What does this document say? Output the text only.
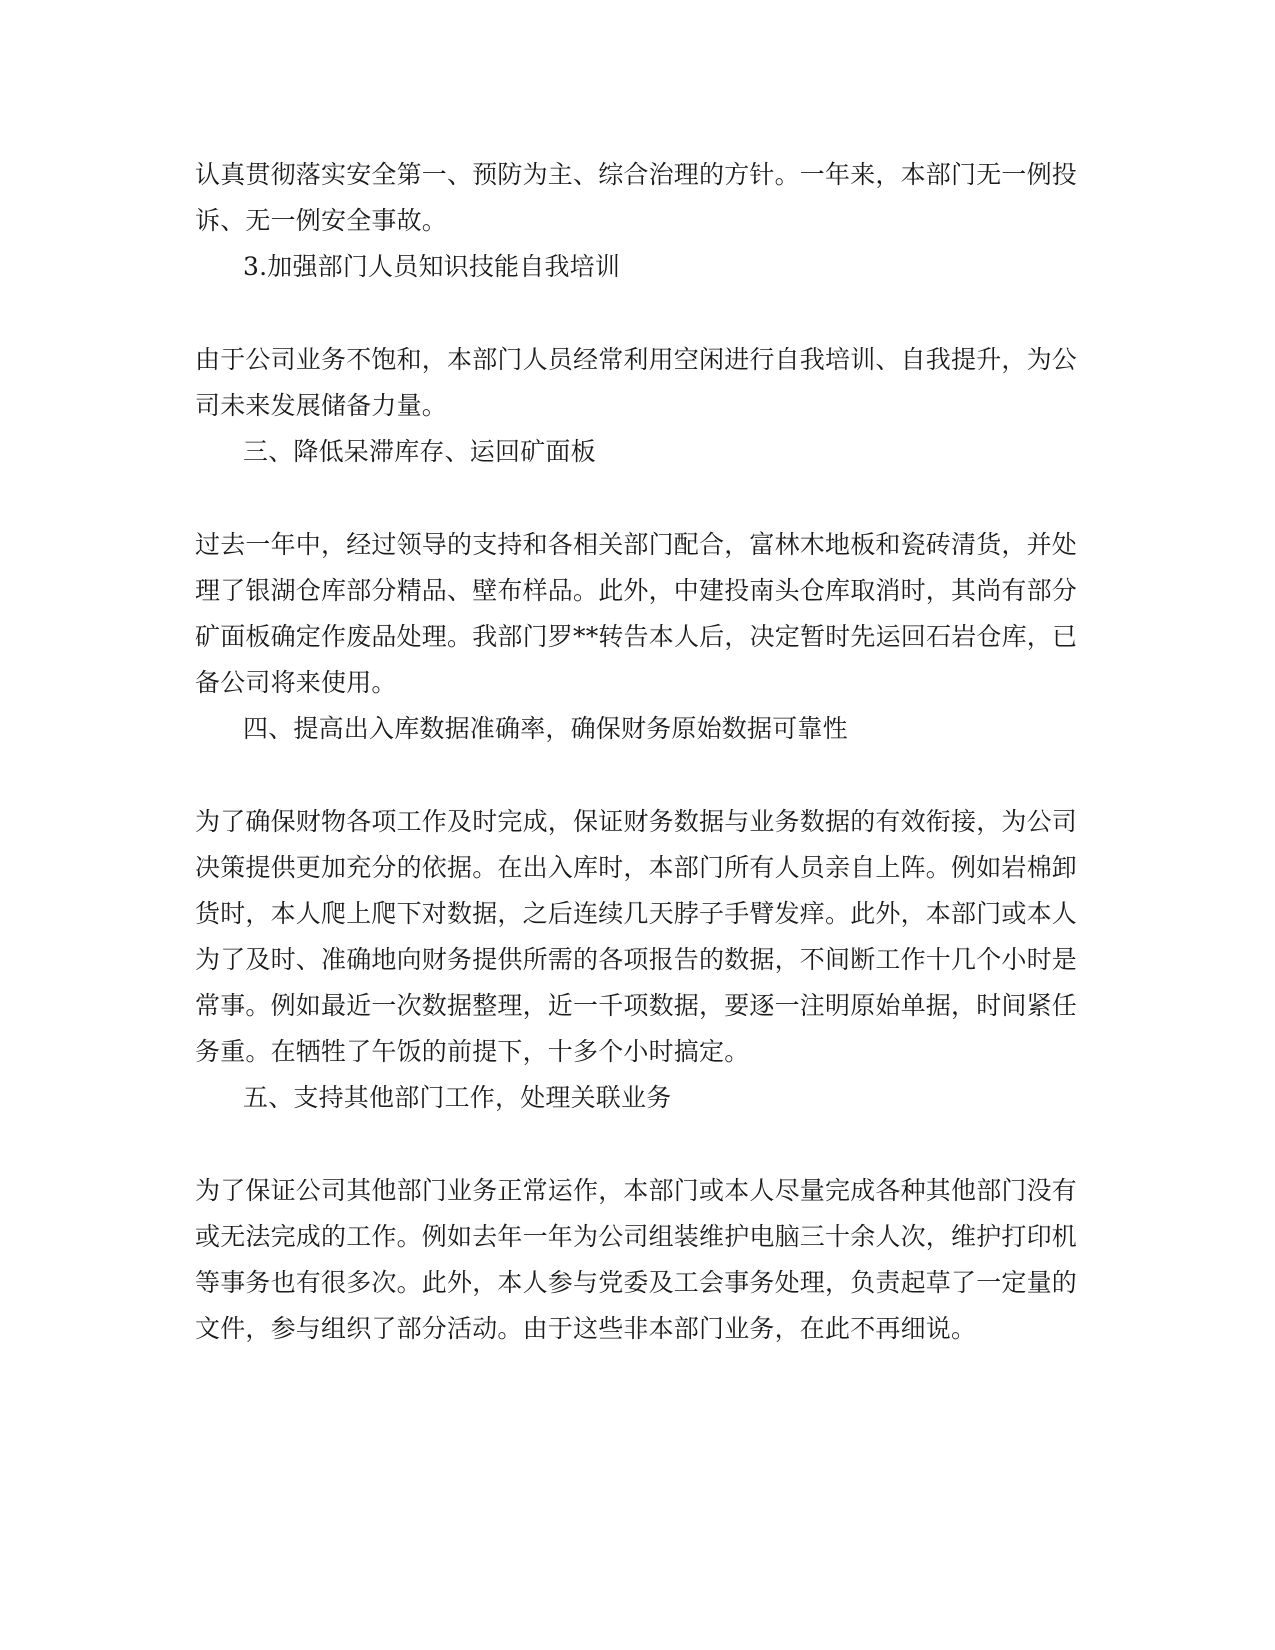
认真贯彻落实安全第一、预防为主、综合治理的方针。一年来，本部门无一例投
诉、无一例安全事故。
3.加强部门人员知识技能自我培训
由于公司业务不饱和，本部门人员经常利用空闲进行自我培训、自我提升，为公
司未来发展储备力量。
三、降低呆滞库存、运回矿面板
过去一年中，经过领导的支持和各相关部门配合，富林木地板和瓷砖清货，并处
理了银湖仓库部分精品、壁布样品。此外，中建投南头仓库取消时，其尚有部分
矿面板确定作废品处理。我部门罗**转告本人后，决定暂时先运回石岩仓库，已
备公司将来使用。
四、提高出入库数据准确率，确保财务原始数据可靠性
为了确保财物各项工作及时完成，保证财务数据与业务数据的有效衔接，为公司
决策提供更加充分的依据。在出入库时，本部门所有人员亲自上阵。例如岩棉卸
货时，本人爬上爬下对数据，之后连续几天脖子手臂发痒。此外，本部门或本人
为了及时、准确地向财务提供所需的各项报告的数据，不间断工作十几个小时是
常事。例如最近一次数据整理，近一千项数据，要逐一注明原始单据，时间紧任
务重。在牺牲了午饭的前提下，十多个小时搞定。
五、支持其他部门工作，处理关联业务
为了保证公司其他部门业务正常运作，本部门或本人尽量完成各种其他部门没有
或无法完成的工作。例如去年一年为公司组装维护电脑三十余人次，维护打印机
等事务也有很多次。此外，本人参与党委及工会事务处理，负责起草了一定量的
文件，参与组织了部分活动。由于这些非本部门业务，在此不再细说。
